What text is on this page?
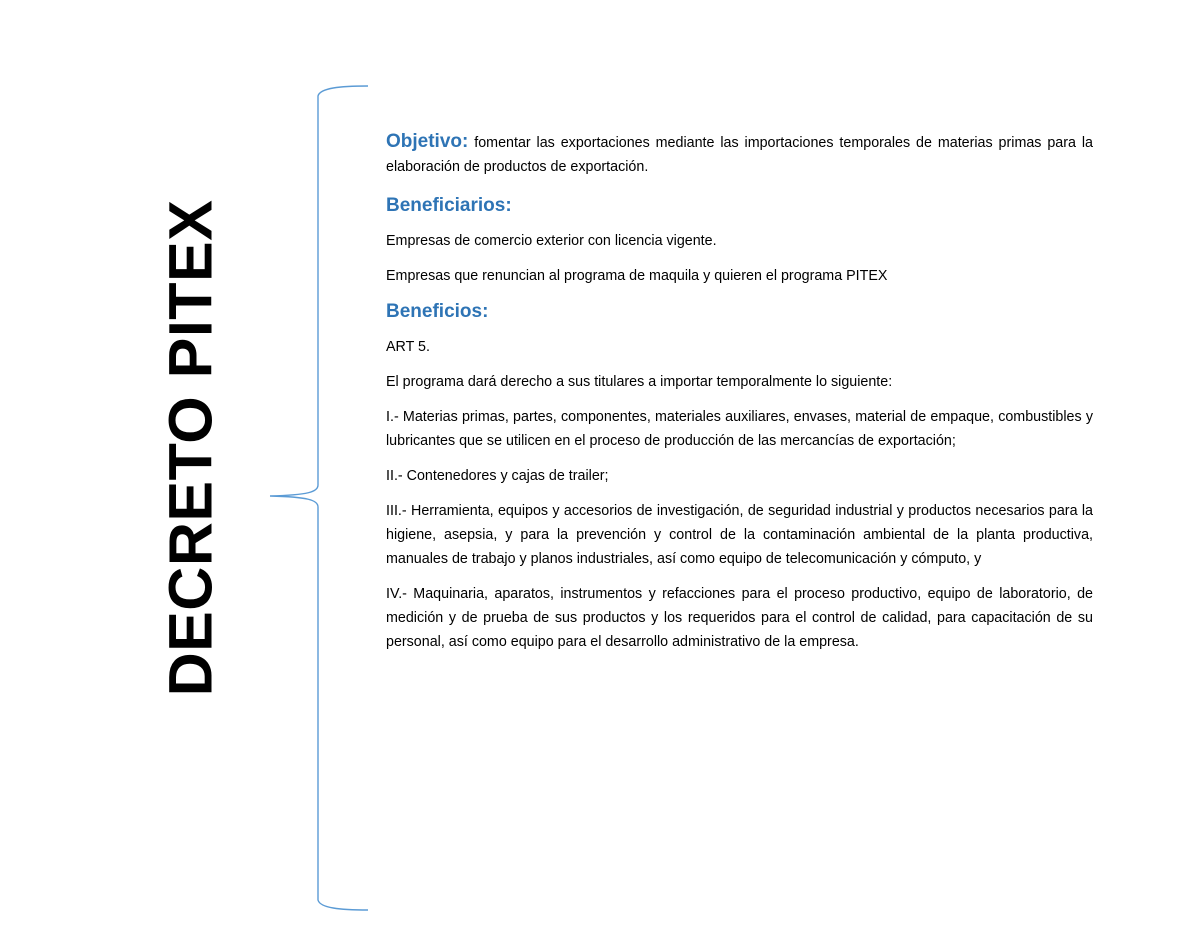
DECRETO PITEX

Objetivo: fomentar las exportaciones mediante las importaciones temporales de materias primas para la elaboración de productos de exportación.

Beneficiarios:

Empresas de comercio exterior con licencia vigente.

Empresas que renuncian al programa de maquila y quieren el programa PITEX

Beneficios:

ART 5.

El programa dará derecho a sus titulares a importar temporalmente lo siguiente:

I.- Materias primas, partes, componentes, materiales auxiliares, envases, material de empaque, combustibles y lubricantes que se utilicen en el proceso de producción de las mercancías de exportación;

II.- Contenedores y cajas de trailer;

III.- Herramienta, equipos y accesorios de investigación, de seguridad industrial y productos necesarios para la higiene, asepsia, y para la prevención y control de la contaminación ambiental de la planta productiva, manuales de trabajo y planos industriales, así como equipo de telecomunicación y cómputo, y

IV.- Maquinaria, aparatos, instrumentos y refacciones para el proceso productivo, equipo de laboratorio, de medición y de prueba de sus productos y los requeridos para el control de calidad, para capacitación de su personal, así como equipo para el desarrollo administrativo de la empresa.
